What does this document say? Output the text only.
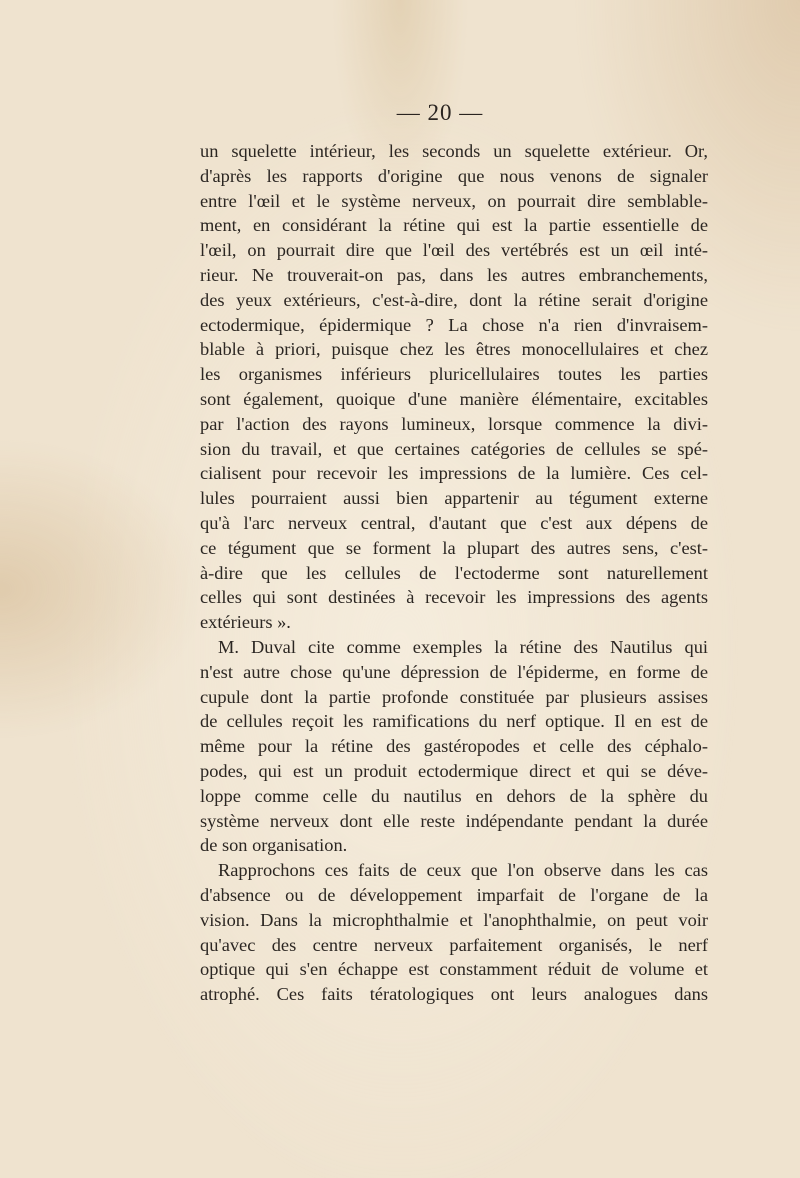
— 20 —
un squelette intérieur, les seconds un squelette extérieur. Or,
d'après les rapports d'origine que nous venons de signaler
entre l'œil et le système nerveux, on pourrait dire semblable-
ment, en considérant la rétine qui est la partie essentielle de
l'œil, on pourrait dire que l'œil des vertébrés est un œil inté-
rieur. Ne trouverait-on pas, dans les autres embranchements,
des yeux extérieurs, c'est-à-dire, dont la rétine serait d'origine
ectodermique, épidermique ? La chose n'a rien d'invraisem-
blable à priori, puisque chez les êtres monocellulaires et chez
les organismes inférieurs pluricellulaires toutes les parties
sont également, quoique d'une manière élémentaire, excitables
par l'action des rayons lumineux, lorsque commence la divi-
sion du travail, et que certaines catégories de cellules se spé-
cialisent pour recevoir les impressions de la lumière. Ces cel-
lules pourraient aussi bien appartenir au tégument externe
qu'à l'arc nerveux central, d'autant que c'est aux dépens de
ce tégument que se forment la plupart des autres sens, c'est-
à-dire que les cellules de l'ectoderme sont naturellement
celles qui sont destinées à recevoir les impressions des agents
extérieurs ».
M. Duval cite comme exemples la rétine des Nautilus qui
n'est autre chose qu'une dépression de l'épiderme, en forme de
cupule dont la partie profonde constituée par plusieurs assises
de cellules reçoit les ramifications du nerf optique. Il en est de
même pour la rétine des gastéropodes et celle des céphalo-
podes, qui est un produit ectodermique direct et qui se déve-
loppe comme celle du nautilus en dehors de la sphère du
système nerveux dont elle reste indépendante pendant la durée
de son organisation.
Rapprochons ces faits de ceux que l'on observe dans les cas
d'absence ou de développement imparfait de l'organe de la
vision. Dans la microphthalmie et l'anophthalmie, on peut voir
qu'avec des centre nerveux parfaitement organisés, le nerf
optique qui s'en échappe est constamment réduit de volume et
atrophé. Ces faits tératologiques ont leurs analogues dans
